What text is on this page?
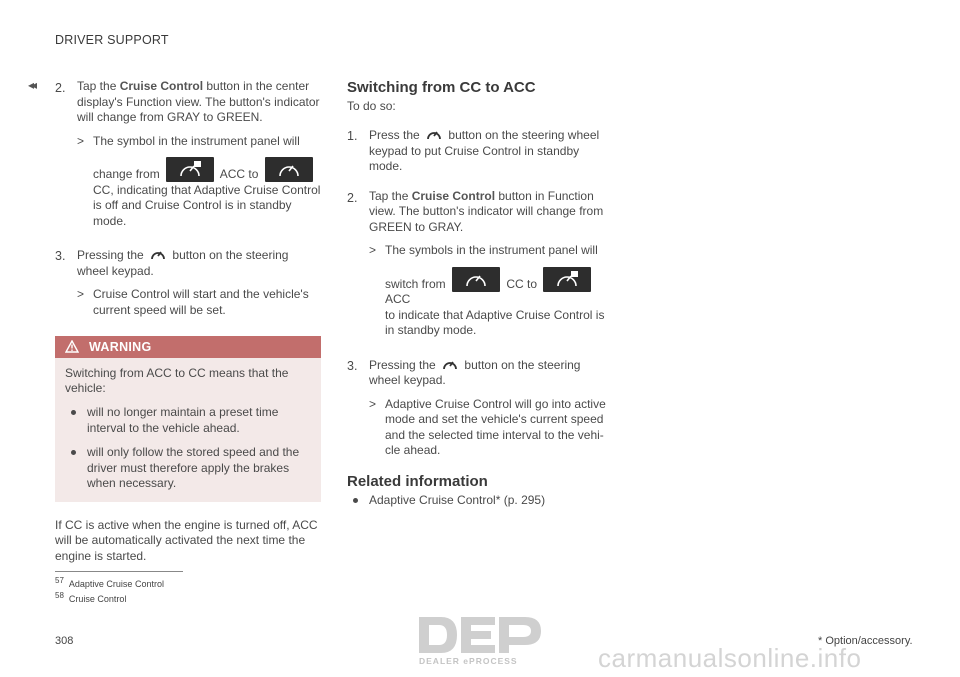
DRIVER SUPPORT
◂◂ 2. Tap the Cruise Control button in the center display's Function view. The button's indicator will change from GRAY to GREEN.
> The symbol in the instrument panel will
change from	ACC to
CC, indicating that Adaptive Cruise Control is off and Cruise Control is in standby mode.
3. Pressing the button on the steering wheel keypad.
> Cruise Control will start and the vehicle's current speed will be set.
WARNING
Switching from ACC to CC means that the vehicle:
will no longer maintain a preset time interval to the vehicle ahead.
will only follow the stored speed and the driver must therefore apply the brakes when necessary.
If CC is active when the engine is turned off, ACC will be automatically activated the next time the engine is started.
Switching from CC to ACC
To do so:
1. Press the button on the steering wheel keypad to put Cruise Control in standby mode.
2. Tap the Cruise Control button in Function view. The button's indicator will change from GREEN to GRAY.
> The symbols in the instrument panel will
switch from	CC to
ACC
to indicate that Adaptive Cruise Control is in standby mode.
3. Pressing the button on the steering wheel keypad.
> Adaptive Cruise Control will go into active mode and set the vehicle's current speed and the selected time interval to the vehicle ahead.
Related information
Adaptive Cruise Control* (p. 295)
$^{57}$ Adaptive Cruise Control
$^{58}$ Cruise Control
308	* Option/accessory.
DEALER ePROCESS	carmanualsonline.info
